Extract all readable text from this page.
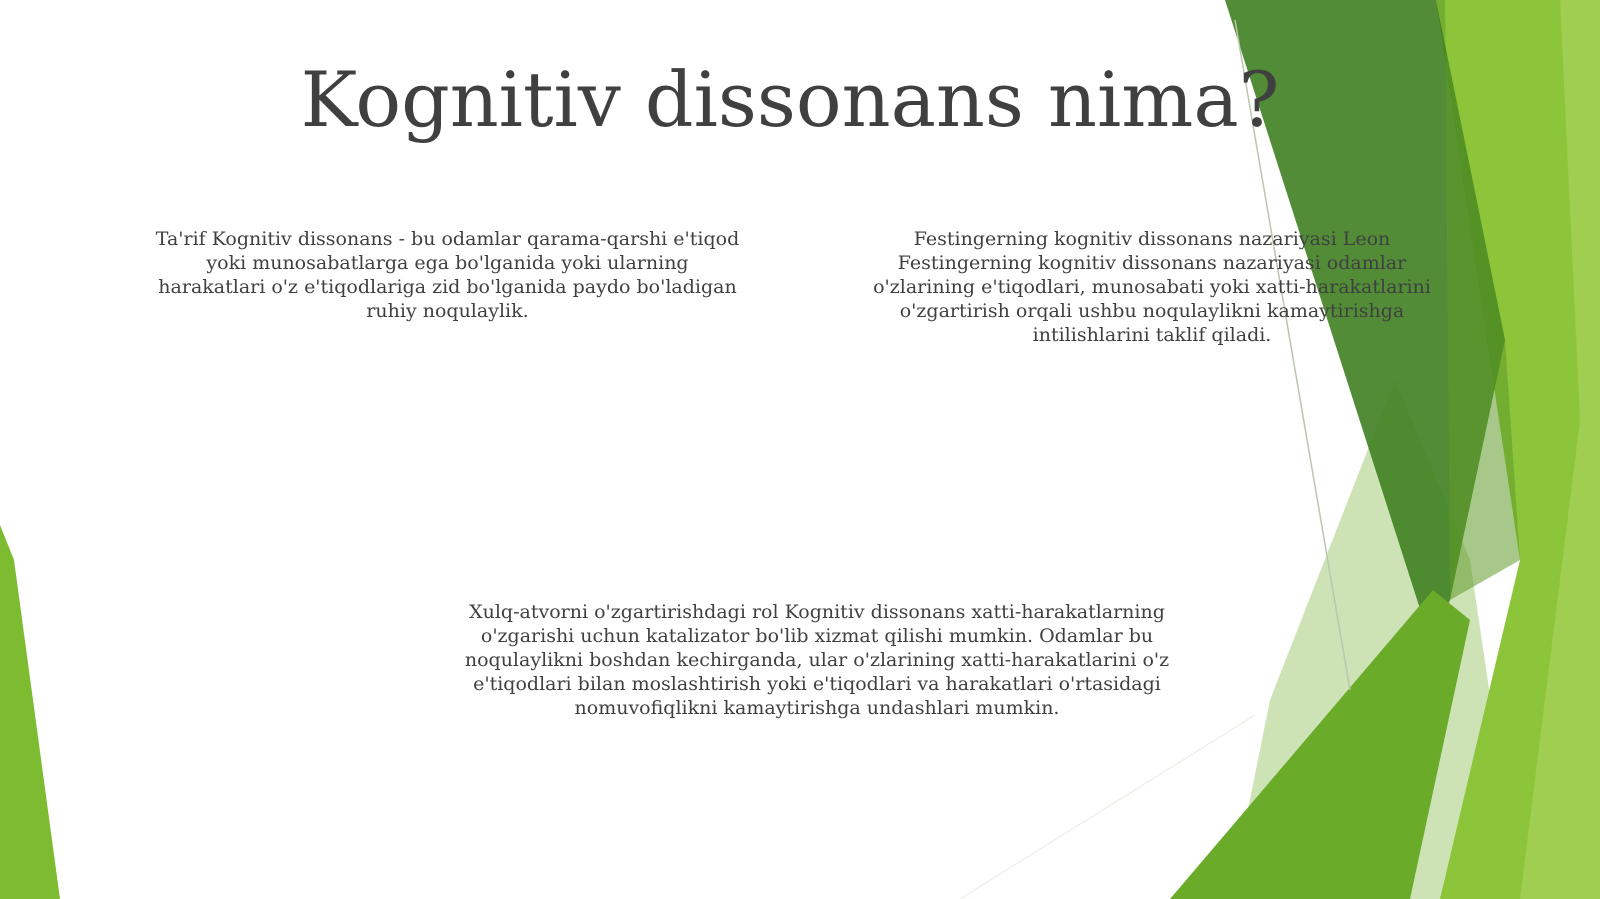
Kognitiv dissonans nima?

Ta'rif Kognitiv dissonans - bu odamlar qarama-qarshi e'tiqod yoki munosabatlarga ega bo'lganida yoki ularning harakatlari o'z e'tiqodlariga zid bo'lganida paydo bo'ladigan ruhiy noqulaylik.

Festingerning kognitiv dissonans nazariyasi Leon Festingerning kognitiv dissonans nazariyasi odamlar o'zlarining e'tiqodlari, munosabati yoki xatti-harakatlarini o'zgartirish orqali ushbu noqulaylikni kamaytirishga intilishlarini taklif qiladi.

Xulq-atvorni o'zgartirishdagi rol Kognitiv dissonans xatti-harakatlarning o'zgarishi uchun katalizator bo'lib xizmat qilishi mumkin. Odamlar bu noqulaylikni boshdan kechirganda, ular o'zlarining xatti-harakatlarini o'z e'tiqodlari bilan moslashtirish yoki e'tiqodlari va harakatlari o'rtasidagi nomuvofiqlikni kamaytirishga undashlari mumkin.
